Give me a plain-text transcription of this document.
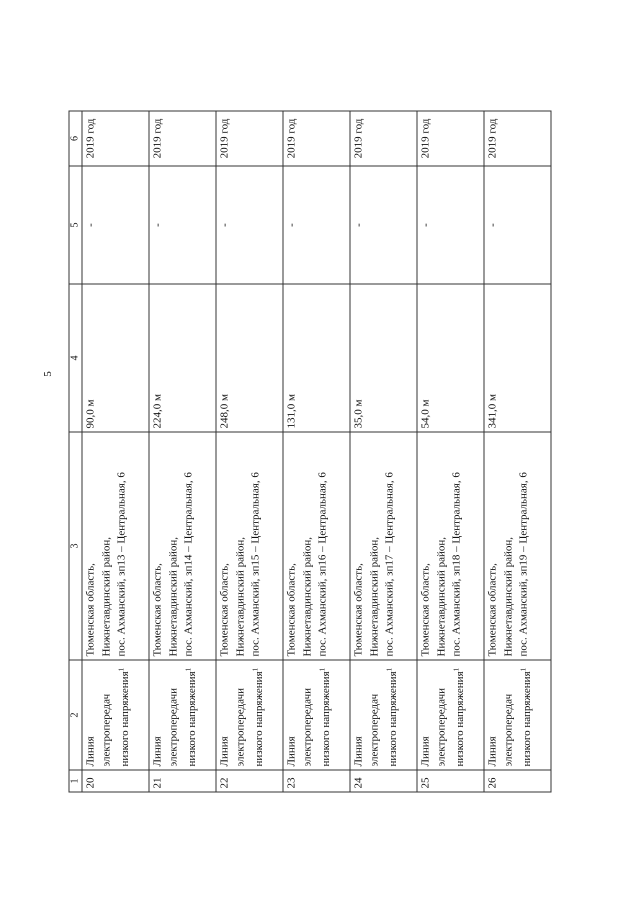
5
1	2	3	4	5	6
20	Линия электропередач низкого напряжения$^1$	Тюменская область, Нижнетавдинский район, пос. Ахманский, зп13 – Центральная, 6	90,0 м	-	2019 год
21	Линия электропередачи низкого напряжения$^1$	Тюменская область, Нижнетавдинский район, пос. Ахманский, зп14 – Центральная, 6	224,0 м	-	2019 год
22	Линия электропередачи низкого напряжения$^1$	Тюменская область, Нижнетавдинский район, пос. Ахманский, зп15 – Центральная, 6	248,0 м	-	2019 год
23	Линия электропередачи низкого напряжения$^1$	Тюменская область, Нижнетавдинский район, пос. Ахманский, зп16 – Центральная, 6	131,0 м	-	2019 год
24	Линия электропередач низкого напряжения$^1$	Тюменская область, Нижнетавдинский район, пос. Ахманский, зп17 – Центральная, 6	35,0 м	-	2019 год
25	Линия электропередачи низкого напряжения$^1$	Тюменская область, Нижнетавдинский район, пос. Ахманский, зп18 – Центральная, 6	54,0 м	-	2019 год
26	Линия электропередач низкого напряжения$^1$	Тюменская область, Нижнетавдинский район, пос. Ахманский, зп19 – Центральная, 6	341,0 м	-	2019 год
